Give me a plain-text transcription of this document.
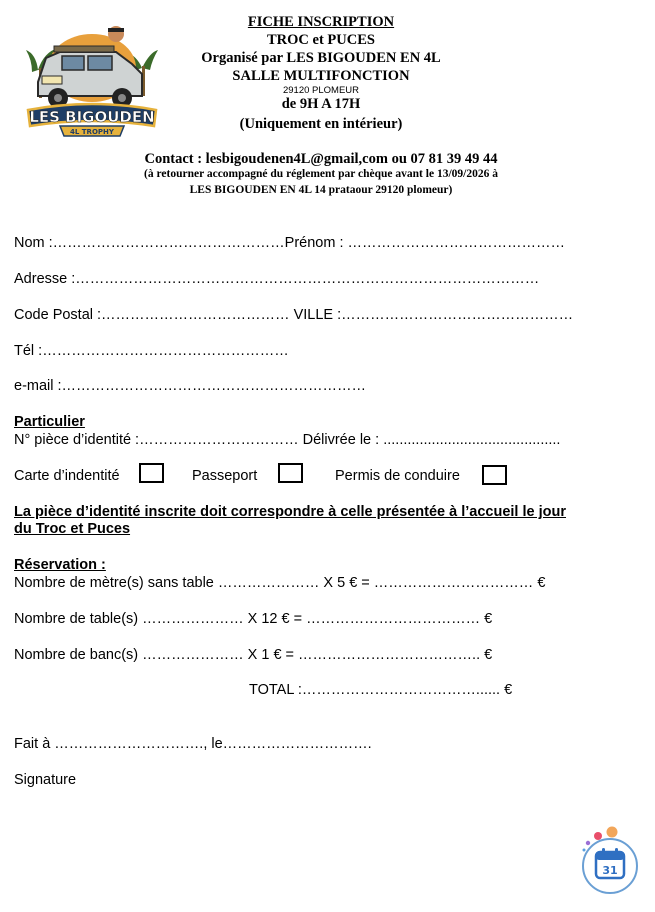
LES BIGOUDEN
4L TROPHY
FICHE INSCRIPTION
TROC et PUCES
Organisé par LES BIGOUDEN EN 4L
SALLE MULTIFONCTION
29120 PLOMEUR
de 9H A 17H
(Uniquement en intérieur)
Contact : lesbigoudenen4L@gmail,com ou 07 81 39 49 44
(à retourner accompagné du réglement par chèque avant le 13/09/2026 à
LES BIGOUDEN EN 4L 14 prataour 29120 plomeur)
Nom :…………………………………………Prénom : ………………………………………
Adresse :……………………………………………………………………………………
Code Postal :………………………………… VILLE :…………………………………………
Tél :……………………………………………
e-mail :………………………………………………………
Particulier
N° pièce d’identité :…………………………… Délivrée le : ............................................
Carte d’indentité	Passeport	Permis de conduire
La pièce d’identité inscrite doit correspondre à celle présentée à l’accueil le jour
du Troc et Puces
Réservation :
Nombre de mètre(s) sans table ………………… X 5 € = …………………………… €
Nombre de table(s) ………………… X 12 € = ……………………………… €
Nombre de banc(s) ………………… X 1 € = ……………………………….. €
TOTAL :………………………………...... €
Fait à …………………………., le………………………….
Signature
31
